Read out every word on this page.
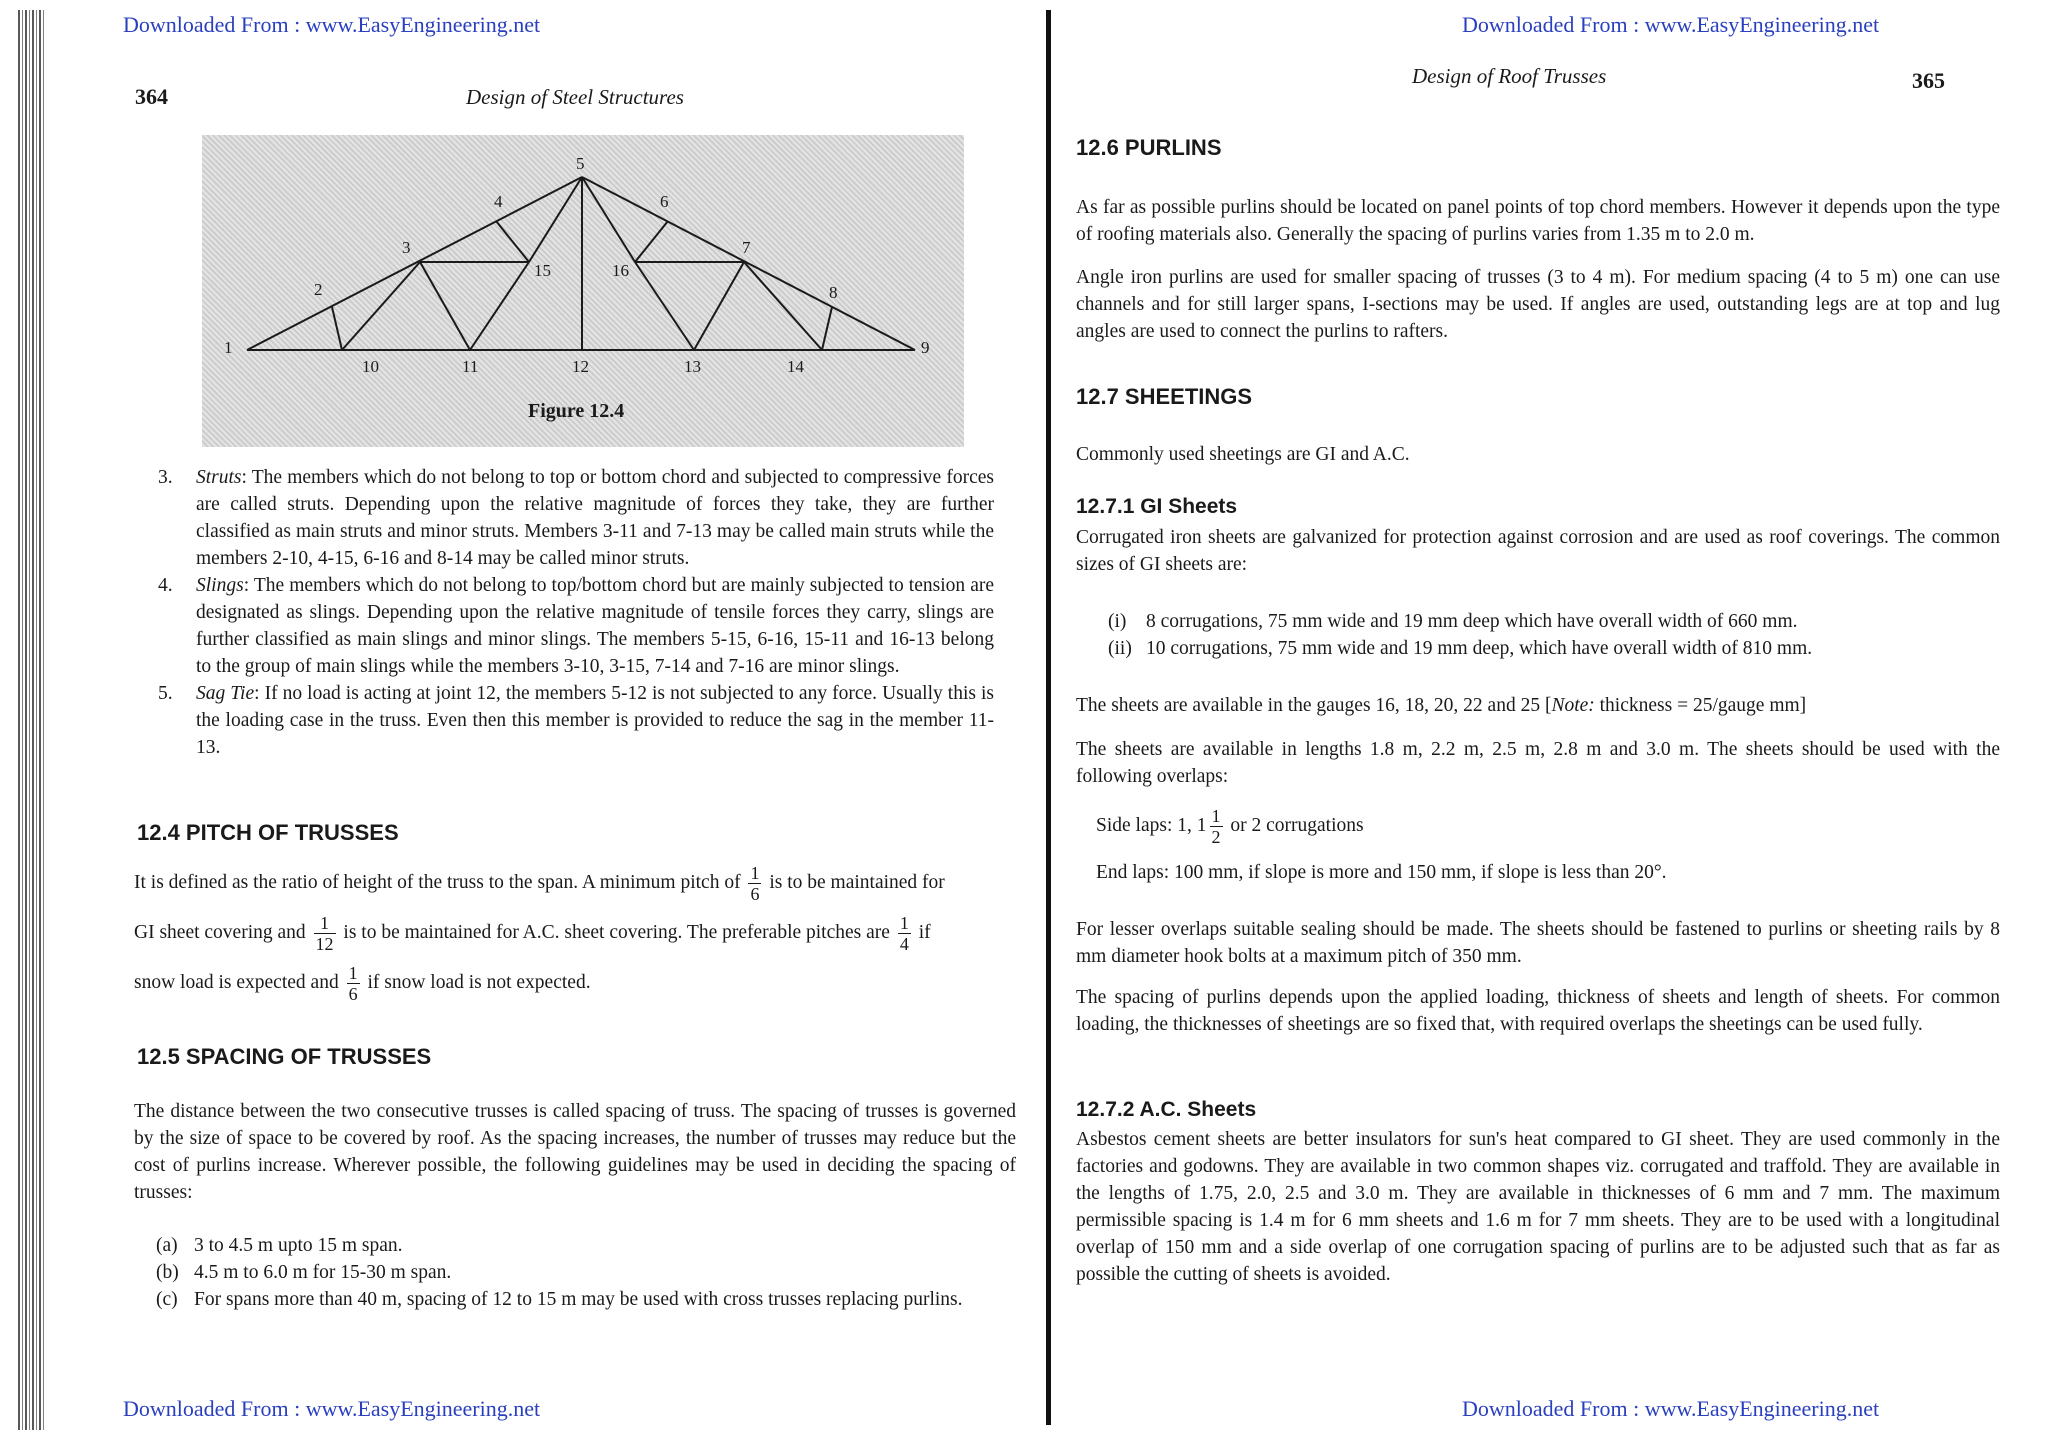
Downloaded From : www.EasyEngineering.net
364	Design of Steel Structures
1
2
3
4
5
6
7
8
9
10	11	12	13	14
15	16
Figure 12.4
3. Struts: The members which do not belong to top or bottom chord and subjected to compressive forces are called struts. Depending upon the relative magnitude of forces they take, they are further classified as main struts and minor struts. Members 3-11 and 7-13 may be called main struts while the members 2-10, 4-15, 6-16 and 8-14 may be called minor struts.
4. Slings: The members which do not belong to top/bottom chord but are mainly subjected to tension are designated as slings. Depending upon the relative magnitude of tensile forces they carry, slings are further classified as main slings and minor slings. The members 5-15, 6-16, 15-11 and 16-13 belong to the group of main slings while the members 3-10, 3-15, 7-14 and 7-16 are minor slings.
5. Sag Tie: If no load is acting at joint 12, the members 5-12 is not subjected to any force. Usually this is the loading case in the truss. Even then this member is provided to reduce the sag in the member 11-13.
12.4 PITCH OF TRUSSES
It is defined as the ratio of height of the truss to the span. A minimum pitch of $\frac{1}{6}$ is to be maintained for
GI sheet covering and $\frac{1}{12}$ is to be maintained for A.C. sheet covering. The preferable pitches are $\frac{1}{4}$ if
snow load is expected and $\frac{1}{6}$ if snow load is not expected.
12.5 SPACING OF TRUSSES
The distance between the two consecutive trusses is called spacing of truss. The spacing of trusses is governed by the size of space to be covered by roof. As the spacing increases, the number of trusses may reduce but the cost of purlins increase. Wherever possible, the following guidelines may be used in deciding the spacing of trusses:
(a) 3 to 4.5 m upto 15 m span.
(b) 4.5 m to 6.0 m for 15-30 m span.
(c) For spans more than 40 m, spacing of 12 to 15 m may be used with cross trusses replacing purlins.
Downloaded From : www.EasyEngineering.net
Downloaded From : www.EasyEngineering.net
Design of Roof Trusses	365
12.6 PURLINS
As far as possible purlins should be located on panel points of top chord members. However it depends upon the type of roofing materials also. Generally the spacing of purlins varies from 1.35 m to 2.0 m.
Angle iron purlins are used for smaller spacing of trusses (3 to 4 m). For medium spacing (4 to 5 m) one can use channels and for still larger spans, I-sections may be used. If angles are used, outstanding legs are at top and lug angles are used to connect the purlins to rafters.
12.7 SHEETINGS
Commonly used sheetings are GI and A.C.
12.7.1 GI Sheets
Corrugated iron sheets are galvanized for protection against corrosion and are used as roof coverings. The common sizes of GI sheets are:
(i) 8 corrugations, 75 mm wide and 19 mm deep which have overall width of 660 mm.
(ii) 10 corrugations, 75 mm wide and 19 mm deep, which have overall width of 810 mm.
The sheets are available in the gauges 16, 18, 20, 22 and 25 [Note: thickness = 25/gauge mm]
The sheets are available in lengths 1.8 m, 2.2 m, 2.5 m, 2.8 m and 3.0 m. The sheets should be used with the following overlaps:
Side laps: 1, $1 \frac{1}{2}$ or 2 corrugations
End laps: 100 mm, if slope is more and 150 mm, if slope is less than 20°.
For lesser overlaps suitable sealing should be made. The sheets should be fastened to purlins or sheeting rails by 8 mm diameter hook bolts at a maximum pitch of 350 mm.
The spacing of purlins depends upon the applied loading, thickness of sheets and length of sheets. For common loading, the thicknesses of sheetings are so fixed that, with required overlaps the sheetings can be used fully.
12.7.2 A.C. Sheets
Asbestos cement sheets are better insulators for sun's heat compared to GI sheet. They are used commonly in the factories and godowns. They are available in two common shapes viz. corrugated and traffold. They are available in the lengths of 1.75, 2.0, 2.5 and 3.0 m. They are available in thicknesses of 6 mm and 7 mm. The maximum permissible spacing is 1.4 m for 6 mm sheets and 1.6 m for 7 mm sheets. They are to be used with a longitudinal overlap of 150 mm and a side overlap of one corrugation spacing of purlins are to be adjusted such that as far as possible the cutting of sheets is avoided.
Downloaded From : www.EasyEngineering.net
